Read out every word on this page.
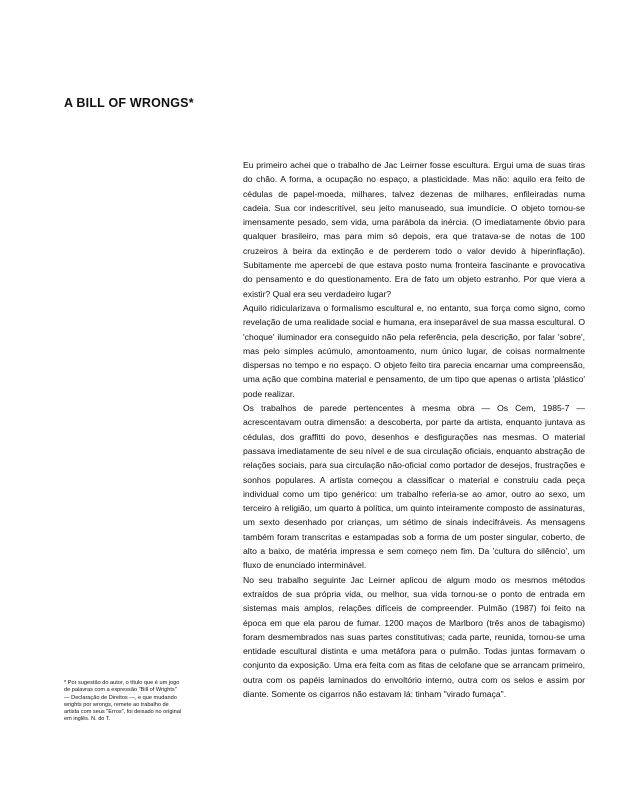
A BILL OF WRONGS*

Eu primeiro achei que o trabalho de Jac Leirner fosse escultura. Ergui uma de suas tiras do chão. A forma, a ocupação no espaço, a plasticidade. Mas não: aquilo era feito de cédulas de papel-moeda, milhares, talvez dezenas de milhares, enfileiradas numa cadeia. Sua cor indescritível, seu jeito manuseado, sua imundície. O objeto tornou-se imensamente pesado, sem vida, uma parábola da inércia. (O imediatamente óbvio para qualquer brasileiro, mas para mim só depois, era que tratava-se de notas de 100 cruzeiros à beira da extinção e de perderem todo o valor devido à hiperinflação). Subitamente me apercebi de que estava posto numa fronteira fascinante e provocativa do pensamento e do questionamento. Era de fato um objeto estranho. Por que viera a existir? Qual era seu verdadeiro lugar?

Aquilo ridicularizava o formalismo escultural e, no entanto, sua força como signo, como revelação de uma realidade social e humana, era inseparável de sua massa escultural. O 'choque' iluminador era conseguido não pela referência, pela descrição, por falar 'sobre', mas pelo simples acúmulo, amontoamento, num único lugar, de coisas normalmente dispersas no tempo e no espaço. O objeto feito tira parecia encarnar uma compreensão, uma ação que combina material e pensamento, de um tipo que apenas o artista 'plástico' pode realizar.

Os trabalhos de parede pertencentes à mesma obra — Os Cem, 1985-7 — acrescentavam outra dimensão: a descoberta, por parte da artista, enquanto juntava as cédulas, dos graffitti do povo, desenhos e desfigurações nas mesmas. O material passava imediatamente de seu nível e de sua circulação oficiais, enquanto abstração de relações sociais, para sua circulação não-oficial como portador de desejos, frustrações e sonhos populares. A artista começou a classificar o material e construiu cada peça individual como um tipo genérico: um trabalho referia-se ao amor, outro ao sexo, um terceiro à religião, um quarto à política, um quinto inteiramente composto de assinaturas, um sexto desenhado por crianças, um sétimo de sinais indecifráveis. As mensagens também foram transcritas e estampadas sob a forma de um poster singular, coberto, de alto a baixo, de matéria impressa e sem começo nem fim. Da 'cultura do silêncio', um fluxo de enunciado interminável.

No seu trabalho seguinte Jac Leirner aplicou de algum modo os mesmos métodos extraídos de sua própria vida, ou melhor, sua vida tornou-se o ponto de entrada em sistemas mais amplos, relações difíceis de compreender. Pulmão (1987) foi feito na época em que ela parou de fumar. 1200 maços de Marlboro (três anos de tabagismo) foram desmembrados nas suas partes constitutivas; cada parte, reunida, tornou-se uma entidade escultural distinta e uma metáfora para o pulmão. Todas juntas formavam o conjunto da exposição. Uma era feita com as fitas de celofane que se arrancam primeiro, outra com os papéis laminados do envoltório interno, outra com os selos e assim por diante. Somente os cigarros não estavam lá: tinham "virado fumaça".

* Por sugestão do autor, o título que é um jogo de palavras com a expressão "Bill of Wrights" — Declaração de Direitos —, e que mudando wrights por wrongs, remete ao trabalho de artista com seus "Erros", foi deixado no original em inglês. N. do T.
